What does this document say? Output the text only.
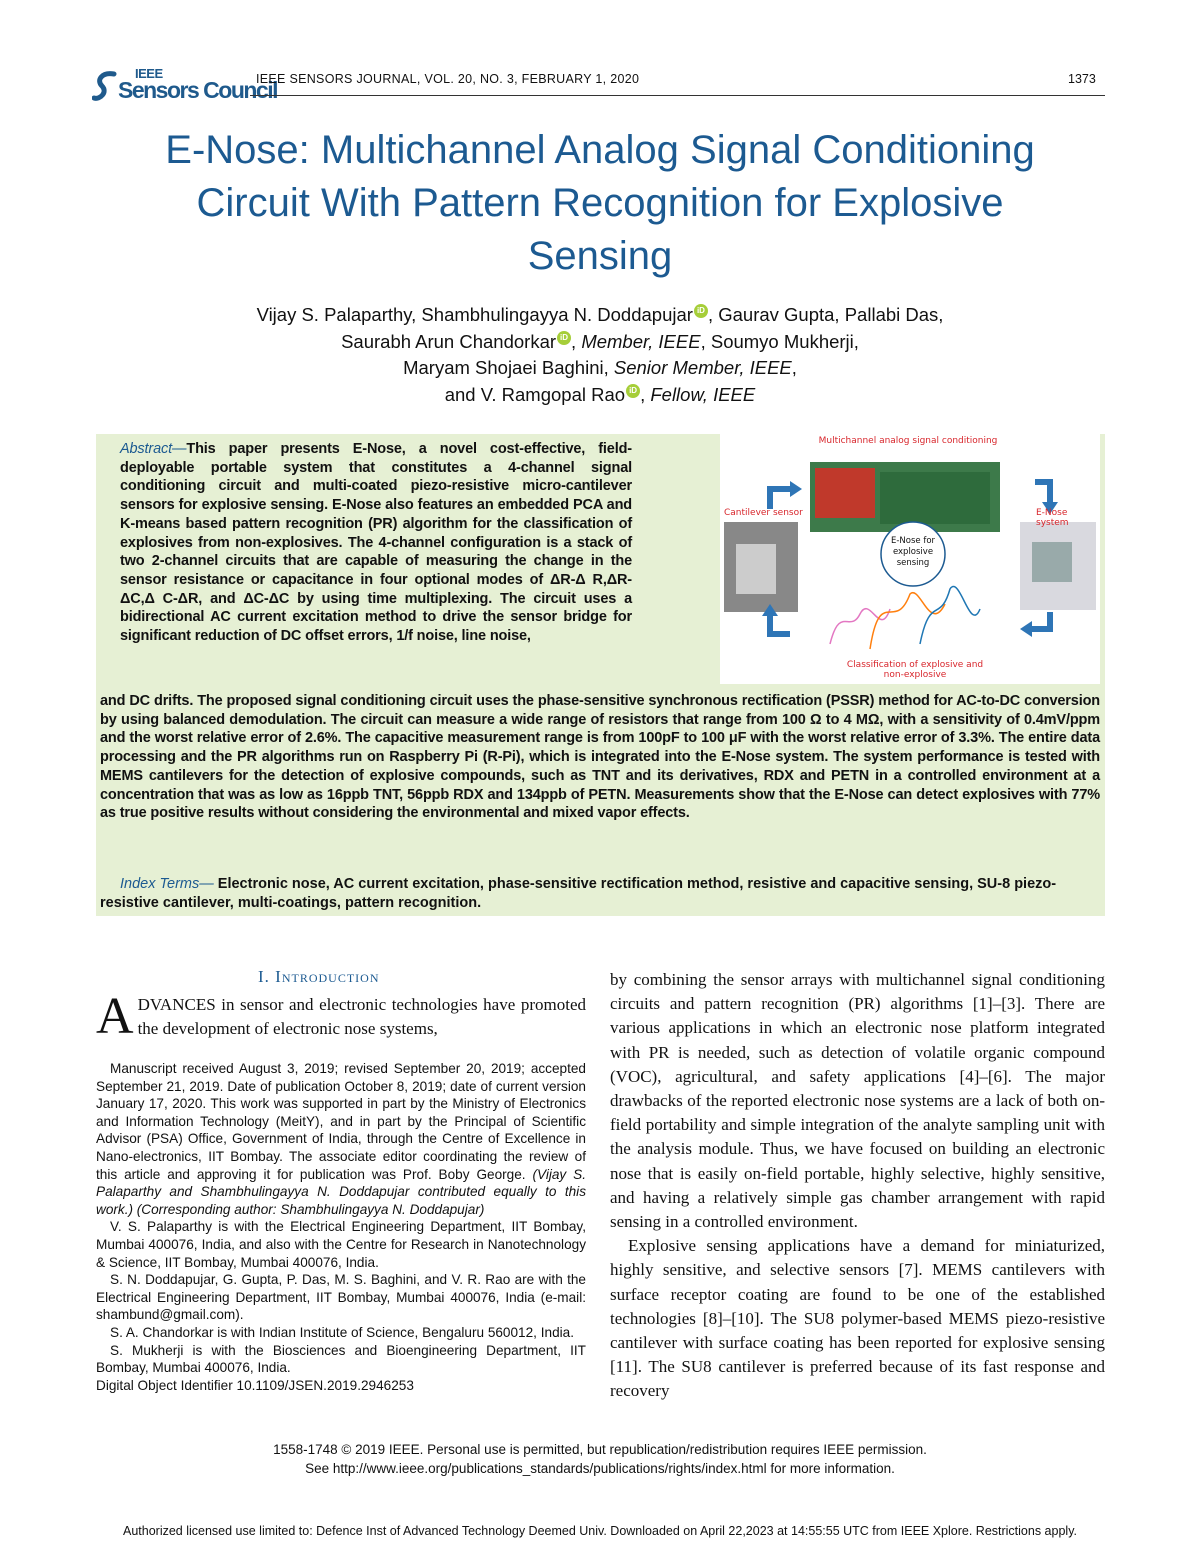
IEEE
Sensors Council
IEEE SENSORS JOURNAL, VOL. 20, NO. 3, FEBRUARY 1, 2020	1373
E-Nose: Multichannel Analog Signal Conditioning Circuit With Pattern Recognition for Explosive Sensing
Vijay S. Palaparthy, Shambhulingayya N. Doddapujar iD , Gaurav Gupta, Pallabi Das,
Saurabh Arun Chandorkar iD , Member, IEEE, Soumyo Mukherji,
Maryam Shojaei Baghini, Senior Member, IEEE,
and V. Ramgopal Rao iD , Fellow, IEEE
Abstract—This paper presents E-Nose, a novel cost-effective, field-deployable portable system that constitutes a 4-channel signal conditioning circuit and multi-coated piezo-resistive micro-cantilever sensors for explosive sensing. E-Nose also features an embedded PCA and K-means based pattern recognition (PR) algorithm for the classification of explosives from non-explosives. The 4-channel configuration is a stack of two 2-channel circuits that are capable of measuring the change in the sensor resistance or capacitance in four optional modes of ΔR-Δ R,ΔR-ΔC,Δ C-ΔR, and ΔC-ΔC by using time multiplexing. The circuit uses a bidirectional AC current excitation method to drive the sensor bridge for significant reduction of DC offset errors, 1/f noise, line noise,
Multichannel analog signal conditioning
Cantilever sensor	E-Nose system
E-Nose for explosive sensing
Classification of explosive and non-explosive
and DC drifts. The proposed signal conditioning circuit uses the phase-sensitive synchronous rectification (PSSR) method for AC-to-DC conversion by using balanced demodulation. The circuit can measure a wide range of resistors that range from 100 Ω to 4 MΩ, with a sensitivity of 0.4mV/ppm and the worst relative error of 2.6%. The capacitive measurement range is from 100pF to 100 μF with the worst relative error of 3.3%. The entire data processing and the PR algorithms run on Raspberry Pi (R-Pi), which is integrated into the E-Nose system. The system performance is tested with MEMS cantilevers for the detection of explosive compounds, such as TNT and its derivatives, RDX and PETN in a controlled environment at a concentration that was as low as 16ppb TNT, 56ppb RDX and 134ppb of PETN. Measurements show that the E-Nose can detect explosives with 77% as true positive results without considering the environmental and mixed vapor effects.
Index Terms— Electronic nose, AC current excitation, phase-sensitive rectification method, resistive and capacitive sensing, SU-8 piezo-resistive cantilever, multi-coatings, pattern recognition.
I. Introduction
ADVANCES in sensor and electronic technologies have promoted the development of electronic nose systems,

Manuscript received August 3, 2019; revised September 20, 2019; accepted September 21, 2019. Date of publication October 8, 2019; date of current version January 17, 2020. This work was supported in part by the Ministry of Electronics and Information Technology (MeitY), and in part by the Principal of Scientific Advisor (PSA) Office, Government of India, through the Centre of Excellence in Nano-electronics, IIT Bombay. The associate editor coordinating the review of this article and approving it for publication was Prof. Boby George. (Vijay S. Palaparthy and Shambhulingayya N. Doddapujar contributed equally to this work.) (Corresponding author: Shambhulingayya N. Doddapujar)

V. S. Palaparthy is with the Electrical Engineering Department, IIT Bombay, Mumbai 400076, India, and also with the Centre for Research in Nanotechnology & Science, IIT Bombay, Mumbai 400076, India.

S. N. Doddapujar, G. Gupta, P. Das, M. S. Baghini, and V. R. Rao are with the Electrical Engineering Department, IIT Bombay, Mumbai 400076, India (e-mail: shambund@gmail.com).

S. A. Chandorkar is with Indian Institute of Science, Bengaluru 560012, India.

S. Mukherji is with the Biosciences and Bioengineering Department, IIT Bombay, Mumbai 400076, India.

Digital Object Identifier 10.1109/JSEN.2019.2946253

by combining the sensor arrays with multichannel signal conditioning circuits and pattern recognition (PR) algorithms [1]–[3]. There are various applications in which an electronic nose platform integrated with PR is needed, such as detection of volatile organic compound (VOC), agricultural, and safety applications [4]–[6]. The major drawbacks of the reported electronic nose systems are a lack of both on-field portability and simple integration of the analyte sampling unit with the analysis module. Thus, we have focused on building an electronic nose that is easily on-field portable, highly selective, highly sensitive, and having a relatively simple gas chamber arrangement with rapid sensing in a controlled environment.

Explosive sensing applications have a demand for miniaturized, highly sensitive, and selective sensors [7]. MEMS cantilevers with surface receptor coating are found to be one of the established technologies [8]–[10]. The SU8 polymer-based MEMS piezo-resistive cantilever with surface coating has been reported for explosive sensing [11]. The SU8 cantilever is preferred because of its fast response and recovery

1558-1748 © 2019 IEEE. Personal use is permitted, but republication/redistribution requires IEEE permission.
See http://www.ieee.org/publications_standards/publications/rights/index.html for more information.
Authorized licensed use limited to: Defence Inst of Advanced Technology Deemed Univ. Downloaded on April 22,2023 at 14:55:55 UTC from IEEE Xplore. Restrictions apply.
